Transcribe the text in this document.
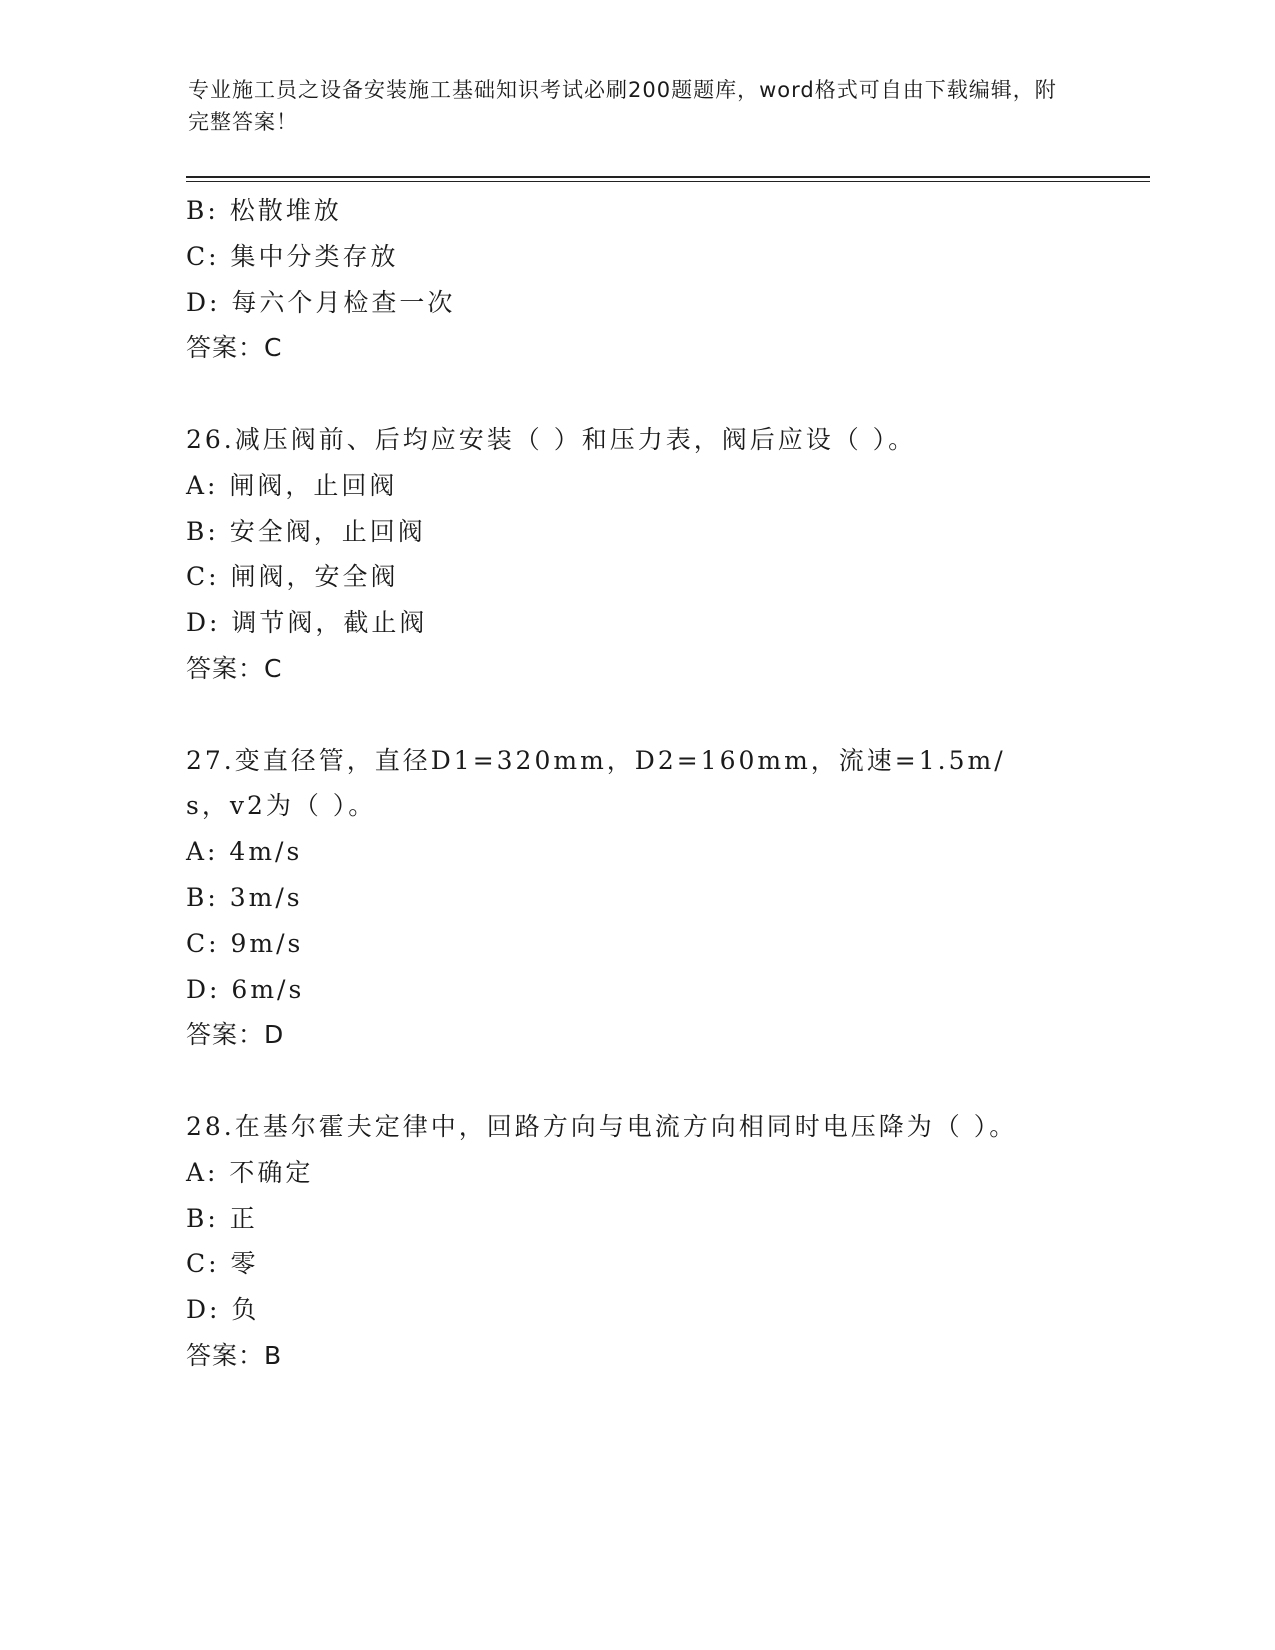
专业施工员之设备安装施工基础知识考试必刷200题题库，word格式可自由下载编辑，附完整答案！
B: 松散堆放
C: 集中分类存放
D: 每六个月检查一次
答案：C
26.减压阀前、后均应安装（ ）和压力表，阀后应设（ ）。
A: 闸阀，止回阀
B: 安全阀，止回阀
C: 闸阀，安全阀
D: 调节阀，截止阀
答案：C
27.变直径管，直径D1=320mm，D2=160mm，流速=1.5m/s，v2为（ ）。
A: 4m/s
B: 3m/s
C: 9m/s
D: 6m/s
答案：D
28.在基尔霍夫定律中，回路方向与电流方向相同时电压降为（ ）。
A: 不确定
B: 正
C: 零
D: 负
答案：B
